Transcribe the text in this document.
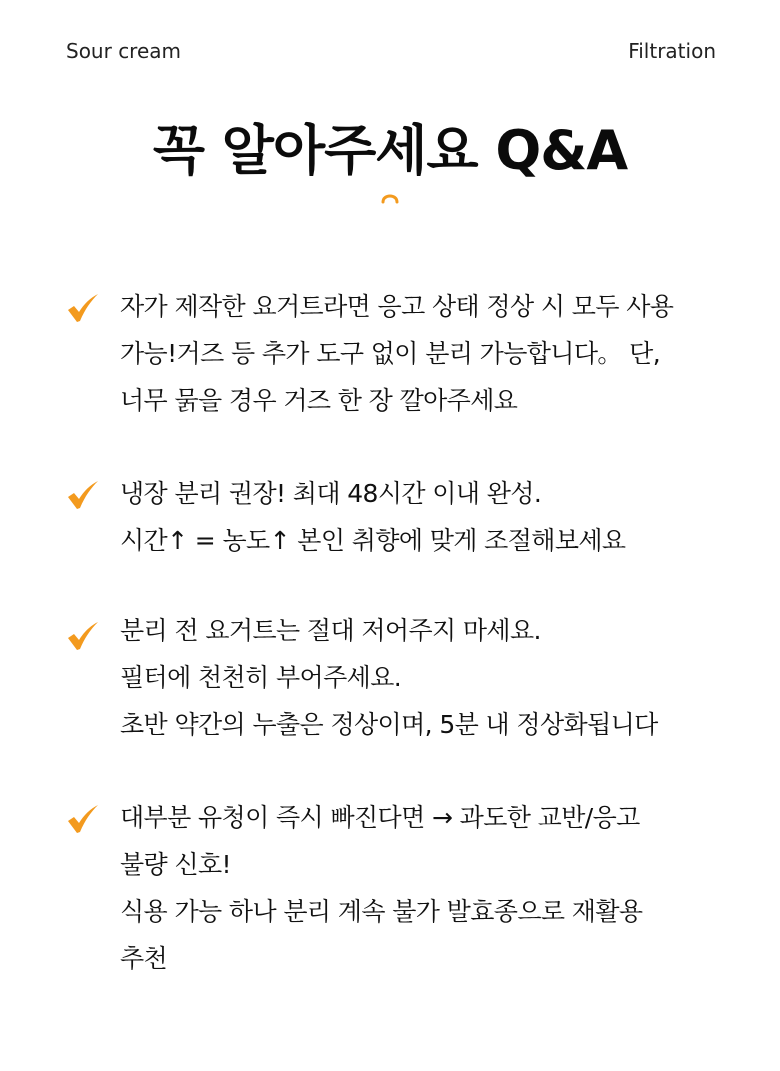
Sour cream	Filtration
꼭 알아주세요 Q&A
자가 제작한 요거트라면 응고 상태 정상 시 모두 사용
가능!거즈 등 추가 도구 없이 분리 가능합니다。 단,
너무 묽을 경우 거즈 한 장 깔아주세요
냉장 분리 권장! 최대 48시간 이내 완성.
시간↑ = 농도↑ 본인 취향에 맞게 조절해보세요
분리 전 요거트는 절대 저어주지 마세요.
필터에 천천히 부어주세요.
초반 약간의 누출은 정상이며, 5분 내 정상화됩니다
대부분 유청이 즉시 빠진다면 → 과도한 교반/응고
불량 신호!
식용 가능 하나 분리 계속 불가 발효종으로 재활용
추천
